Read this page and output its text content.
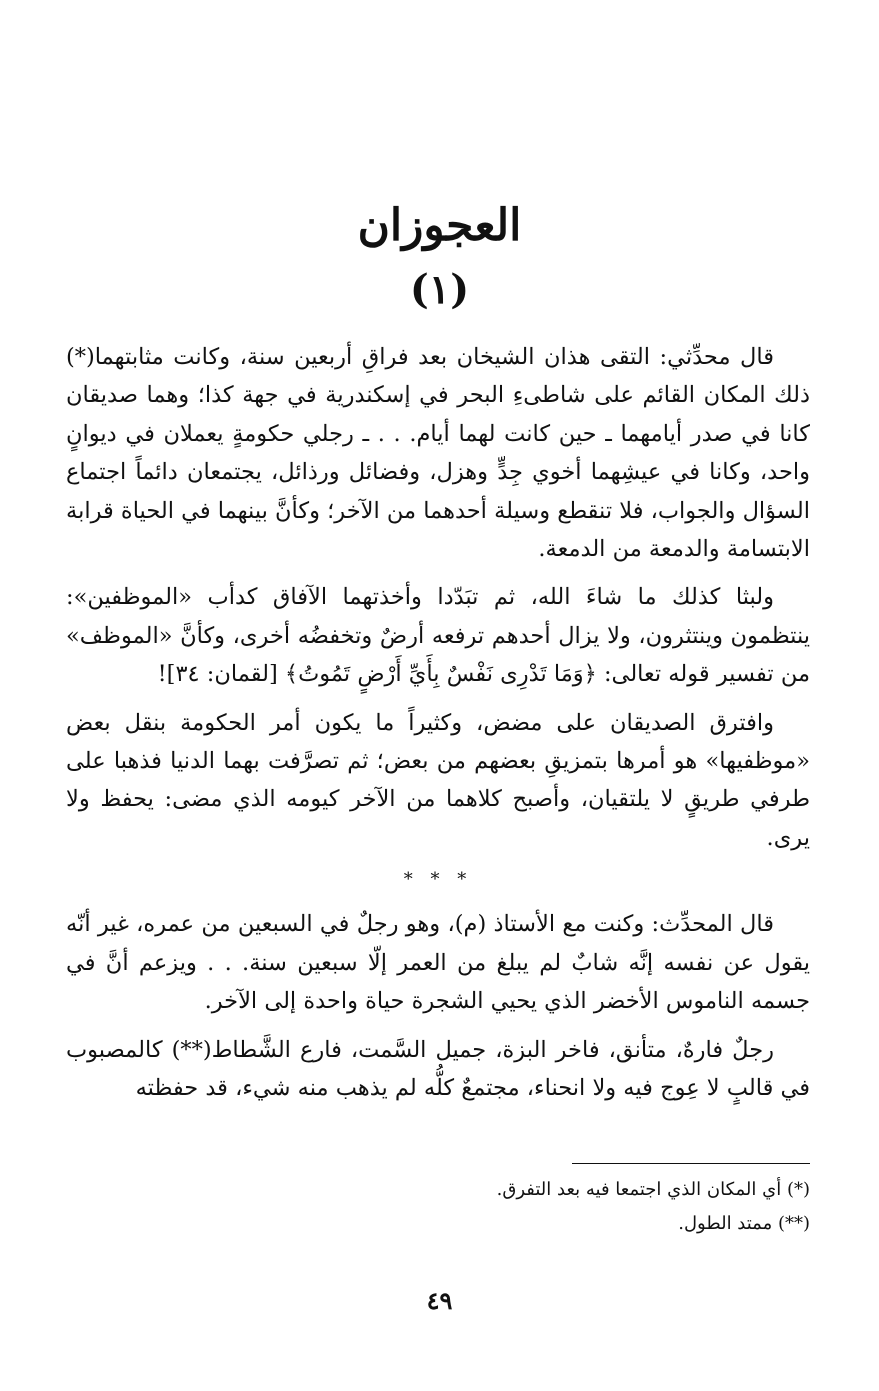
العجوزان
(١)

قال محدِّثي: التقى هذان الشيخان بعد فراقِ أربعين سنة، وكانت مثابتهما(*) ذلك المكان القائم على شاطىءِ البحر في إسكندرية في جهة كذا؛ وهما صديقان كانا في صدر أيامهما ـ حين كانت لهما أيام. . . ـ رجلي حكومةٍ يعملان في ديوانٍ واحد، وكانا في عيشِهما أخوي جِدٍّ وهزل، وفضائل ورذائل، يجتمعان دائماً اجتماع السؤال والجواب، فلا تنقطع وسيلة أحدهما من الآخر؛ وكأنَّ بينهما في الحياة قرابة الابتسامة والدمعة من الدمعة.

ولبثا كذلك ما شاءَ الله، ثم تبَدّدا وأخذتهما الآفاق كدأب «الموظفين»: ينتظمون وينتثرون، ولا يزال أحدهم ترفعه أرضٌ وتخفضُه أخرى، وكأنَّ «الموظف» من تفسير قوله تعالى: ﴿وَمَا تَدْرِى نَفْسٌ بِأَيِّ أَرْضٍ تَمُوتُ﴾ [لقمان: ٣٤]!

وافترق الصديقان على مضض، وكثيراً ما يكون أمر الحكومة بنقل بعض «موظفيها» هو أمرها بتمزيقِ بعضهم من بعض؛ ثم تصرَّفت بهما الدنيا فذهبا على طرفي طريقٍ لا يلتقيان، وأصبح كلاهما من الآخر كيومه الذي مضى: يحفظ ولا يرى.

* * *

قال المحدِّث: وكنت مع الأستاذ (م)، وهو رجلٌ في السبعين من عمره، غير أنّه يقول عن نفسه إنَّه شابٌ لم يبلغ من العمر إلّا سبعين سنة. . . ويزعم أنَّ في جسمه الناموس الأخضر الذي يحيي الشجرة حياة واحدة إلى الآخر.

رجلٌ فارهٌ، متأنق، فاخر البزة، جميل السَّمت، فارع الشَّطاط(**) كالمصبوب في قالبٍ لا عِوج فيه ولا انحناء، مجتمعٌ كلُّه لم يذهب منه شيء، قد حفظته

(*) أي المكان الذي اجتمعا فيه بعد التفرق.
(**) ممتد الطول.
٤٩
